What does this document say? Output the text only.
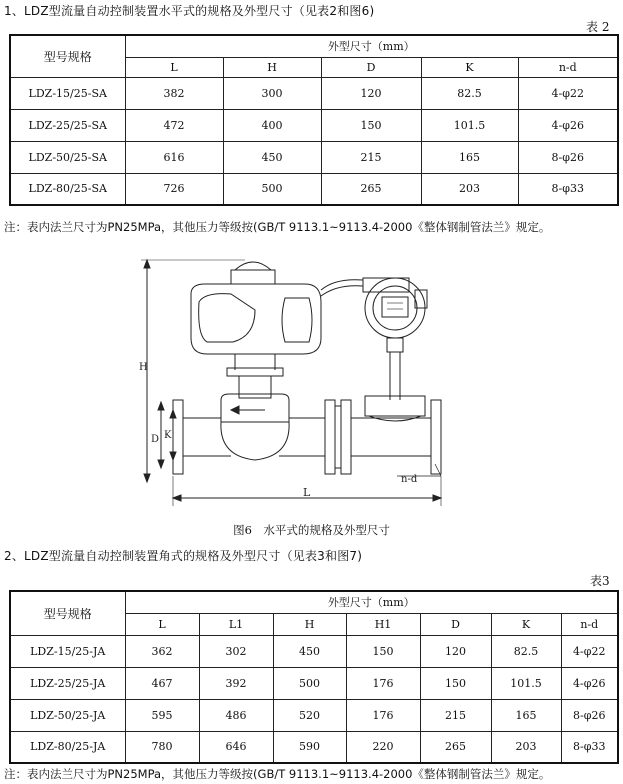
1、LDZ型流量自动控制装置水平式的规格及外型尺寸（见表2和图6)
表 2
型号规格	外型尺寸（mm）				
	L	H	D	K	n-d
LDZ-15/25-SA	382	300	120	82.5	4-φ22
LDZ-25/25-SA	472	400	150	101.5	4-φ26
LDZ-50/25-SA	616	450	215	165	8-φ26
LDZ-80/25-SA	726	500	265	203	8-φ33
注：表内法兰尺寸为PN25MPa，其他压力等级按(GB/T 9113.1~9113.4-2000《整体钢制管法兰》规定。
H
D K
n-d
L
图6　水平式的规格及外型尺寸
2、LDZ型流量自动控制装置角式的规格及外型尺寸（见表3和图7)
表3
型号规格	外型尺寸（mm）						
	L	L1	H	H1	D	K	n-d
LDZ-15/25-JA	362	302	450	150	120	82.5	4-φ22
LDZ-25/25-JA	467	392	500	176	150	101.5	4-φ26
LDZ-50/25-JA	595	486	520	176	215	165	8-φ26
LDZ-80/25-JA	780	646	590	220	265	203	8-φ33
注：表内法兰尺寸为PN25MPa，其他压力等级按(GB/T 9113.1~9113.4-2000《整体钢制管法兰》规定。
